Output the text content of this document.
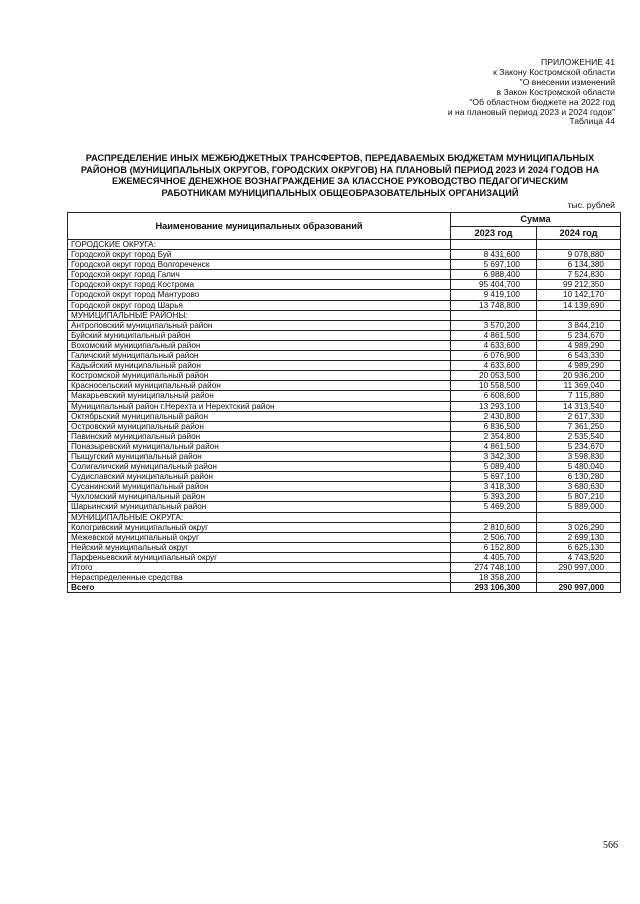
ПРИЛОЖЕНИЕ 41
к Закону Костромской области
"О внесении изменений
в Закон Костромской области
"Об областном бюджете на 2022 год
и на плановый период 2023 и 2024 годов"
Таблица 44
РАСПРЕДЕЛЕНИЕ ИНЫХ МЕЖБЮДЖЕТНЫХ ТРАНСФЕРТОВ, ПЕРЕДАВАЕМЫХ БЮДЖЕТАМ МУНИЦИПАЛЬНЫХ
РАЙОНОВ (МУНИЦИПАЛЬНЫХ ОКРУГОВ, ГОРОДСКИХ ОКРУГОВ) НА ПЛАНОВЫЙ ПЕРИОД 2023 И 2024 ГОДОВ НА
ЕЖЕМЕСЯЧНОЕ ДЕНЕЖНОЕ ВОЗНАГРАЖДЕНИЕ ЗА КЛАССНОЕ РУКОВОДСТВО ПЕДАГОГИЧЕСКИМ
РАБОТНИКАМ МУНИЦИПАЛЬНЫХ ОБЩЕОБРАЗОВАТЕЛЬНЫХ ОРГАНИЗАЦИЙ
тыс. рублей
Наименование муниципальных образований	Сумма	
	2023 год	2024 год
ГОРОДСКИЕ ОКРУГА:		
Городской округ город Буй	8 431,600	9 078,880
Городской округ город Волгореченск	5 697,100	6 134,380
Городской округ город Галич	6 988,400	7 524,830
Городской округ город Кострома	95 404,700	99 212,350
Городской округ город Мантурово	9 419,100	10 142,170
Городской округ город Шарья	13 748,800	14 139,690
МУНИЦИПАЛЬНЫЕ РАЙОНЫ:		
Антроповский муниципальный район	3 570,200	3 844,210
Буйский муниципальный район	4 861,500	5 234,670
Вохомский муниципальный район	4 633,600	4 989,290
Галичский муниципальный район	6 076,900	6 543,330
Кадыйский муниципальный район	4 633,600	4 989,290
Костромской муниципальный район	20 053,500	20 936,200
Красносельский муниципальный район	10 558,500	11 369,040
Макарьевский муниципальный район	6 608,600	7 115,880
Муниципальный район г.Нерехта и Нерехтский район	13 293,100	14 313,540
Октябрьский муниципальный район	2 430,800	2 617,330
Островский муниципальный район	6 836,500	7 361,250
Павинский муниципальный район	2 354,800	2 535,540
Поназыревский муниципальный район	4 861,500	5 234,670
Пыщугский муниципальный район	3 342,300	3 598,830
Солигаличский муниципальный район	5 089,400	5 480,040
Судиславский муниципальный район	5 697,100	6 130,280
Сусанинский муниципальный район	3 418,300	3 680,630
Чухломский муниципальный район	5 393,200	5 807,210
Шарьинский муниципальный район	5 469,200	5 889,000
МУНИЦИПАЛЬНЫЕ ОКРУГА:		
Кологривский муниципальный округ	2 810,600	3 026,290
Межевской муниципальный округ	2 506,700	2 699,130
Нейский муниципальный округ	6 152,800	6 625,130
Парфеньевский муниципальный округ	4 405,700	4 743,920
Итого	274 748,100	290 997,000
Нераспределенные средства	18 358,200	
Всего	293 106,300	290 997,000
566
